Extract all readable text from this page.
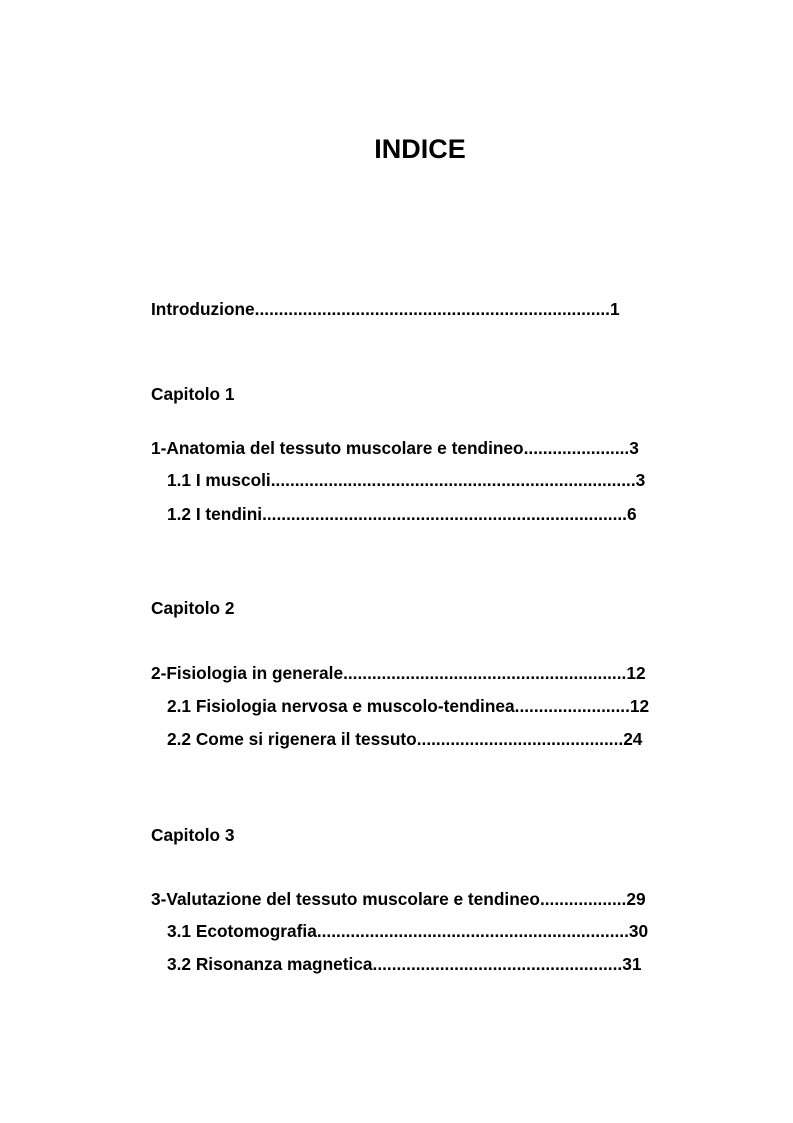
INDICE
Introduzione..........................................................................1
Capitolo 1
1-Anatomia del tessuto muscolare e tendineo......................3
1.1 I muscoli............................................................................3
1.2 I tendini............................................................................6
Capitolo 2
2-Fisiologia in generale...........................................................12
2.1 Fisiologia nervosa e muscolo-tendinea........................12
2.2 Come si rigenera il tessuto...........................................24
Capitolo 3
3-Valutazione del tessuto muscolare e tendineo..................29
3.1 Ecotomografia.................................................................30
3.2 Risonanza magnetica....................................................31
